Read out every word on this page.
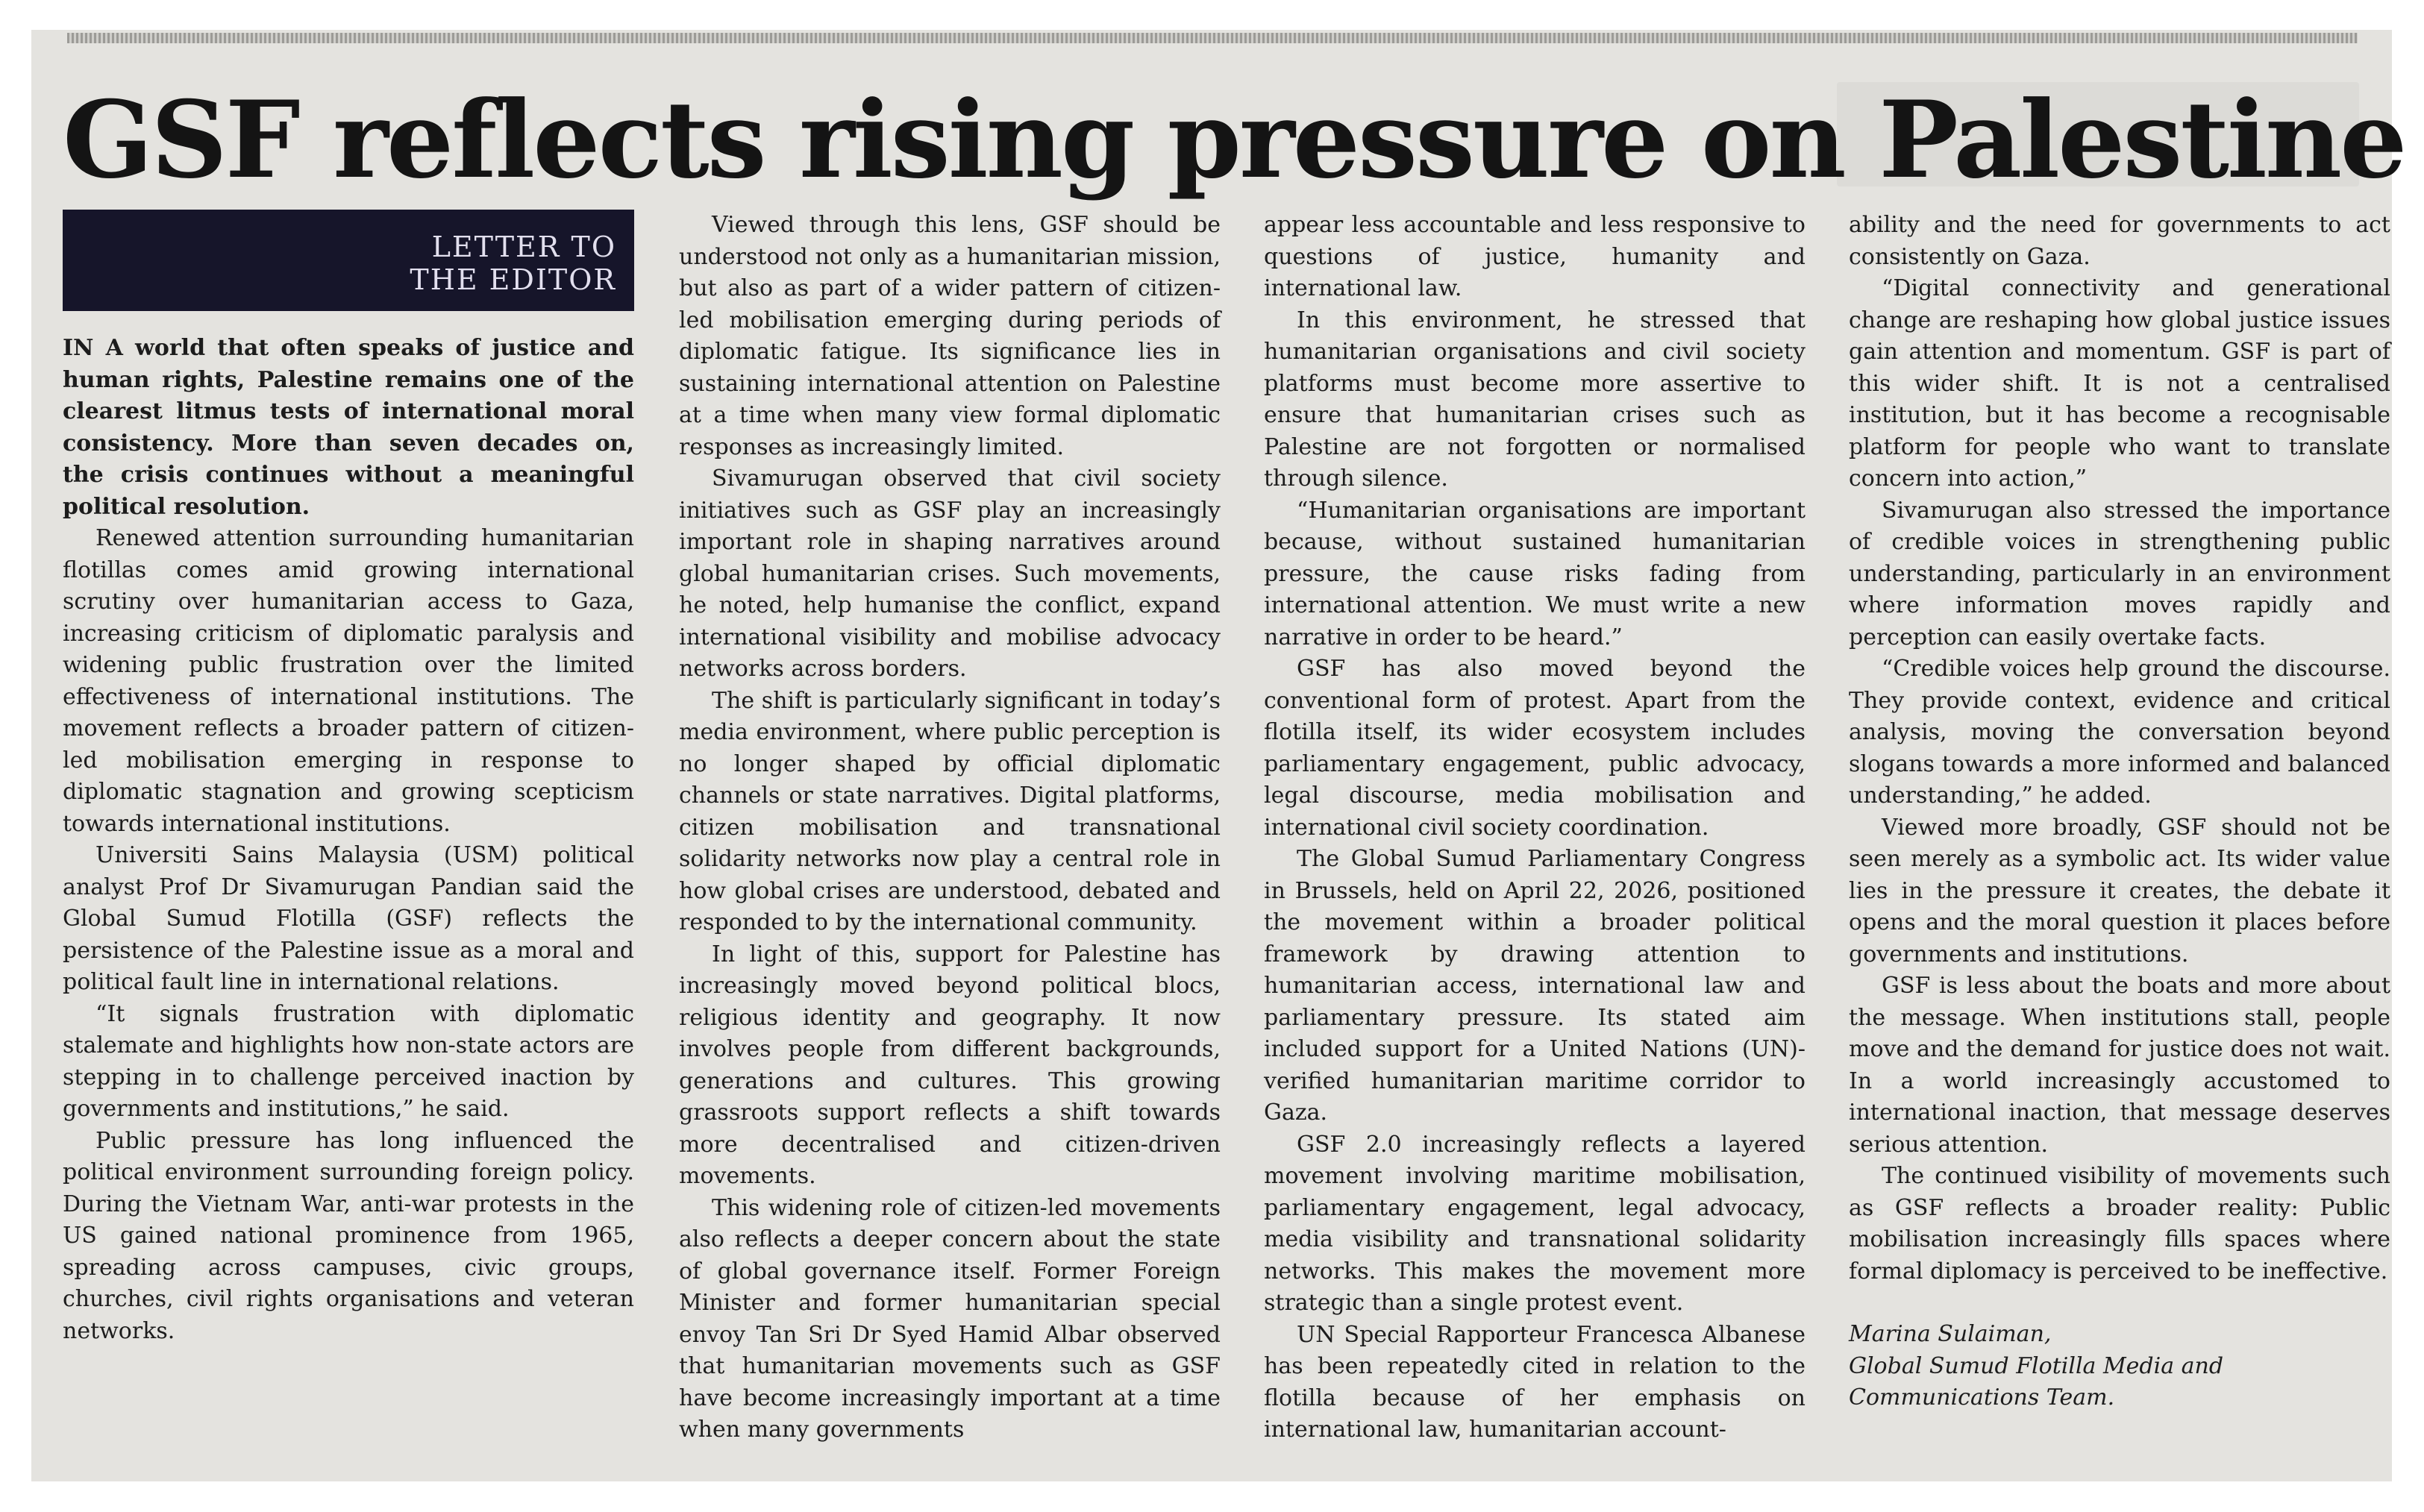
GSF reflects rising pressure on Palestine
LETTER TO
THE EDITOR

IN A world that often speaks of justice and human rights, Palestine remains one of the clearest litmus tests of international moral consistency. More than seven decades on, the crisis continues without a meaningful political resolution.

Renewed attention surrounding humanitarian flotillas comes amid growing international scrutiny over humanitarian access to Gaza, increasing criticism of diplomatic paralysis and widening public frustration over the limited effectiveness of international institutions. The movement reflects a broader pattern of citizen-led mobilisation emerging in response to diplomatic stagnation and growing scepticism towards international institutions.

Universiti Sains Malaysia (USM) political analyst Prof Dr Sivamurugan Pandian said the Global Sumud Flotilla (GSF) reflects the persistence of the Palestine issue as a moral and political fault line in international relations.

“It signals frustration with diplomatic stalemate and highlights how non-state actors are stepping in to challenge perceived inaction by governments and institutions,” he said.

Public pressure has long influenced the political environment surrounding foreign policy. During the Vietnam War, anti-war protests in the US gained national prominence from 1965, spreading across campuses, civic groups, churches, civil rights organisations and veteran networks.

Viewed through this lens, GSF should be understood not only as a humanitarian mission, but also as part of a wider pattern of citizen-led mobilisation emerging during periods of diplomatic fatigue. Its significance lies in sustaining international attention on Palestine at a time when many view formal diplomatic responses as increasingly limited.

Sivamurugan observed that civil society initiatives such as GSF play an increasingly important role in shaping narratives around global humanitarian crises. Such movements, he noted, help humanise the conflict, expand international visibility and mobilise advocacy networks across borders.

The shift is particularly significant in today’s media environment, where public perception is no longer shaped by official diplomatic channels or state narratives. Digital platforms, citizen mobilisation and transnational solidarity networks now play a central role in how global crises are understood, debated and responded to by the international community.

In light of this, support for Palestine has increasingly moved beyond political blocs, religious identity and geography. It now involves people from different backgrounds, generations and cultures. This growing grassroots support reflects a shift towards more decentralised and citizen-driven movements.

This widening role of citizen-led movements also reflects a deeper concern about the state of global governance itself. Former Foreign Minister and former humanitarian special envoy Tan Sri Dr Syed Hamid Albar observed that humanitarian movements such as GSF have become increasingly important at a time when many governments

appear less accountable and less responsive to questions of justice, humanity and international law.

In this environment, he stressed that humanitarian organisations and civil society platforms must become more assertive to ensure that humanitarian crises such as Palestine are not forgotten or normalised through silence.

“Humanitarian organisations are important because, without sustained humanitarian pressure, the cause risks fading from international attention. We must write a new narrative in order to be heard.”

GSF has also moved beyond the conventional form of protest. Apart from the flotilla itself, its wider ecosystem includes parliamentary engagement, public advocacy, legal discourse, media mobilisation and international civil society coordination.

The Global Sumud Parliamentary Congress in Brussels, held on April 22, 2026, positioned the movement within a broader political framework by drawing attention to humanitarian access, international law and parliamentary pressure. Its stated aim included support for a United Nations (UN)-verified humanitarian maritime corridor to Gaza.

GSF 2.0 increasingly reflects a layered movement involving maritime mobilisation, parliamentary engagement, legal advocacy, media visibility and transnational solidarity networks. This makes the movement more strategic than a single protest event.

UN Special Rapporteur Francesca Albanese has been repeatedly cited in relation to the flotilla because of her emphasis on international law, humanitarian account-

ability and the need for governments to act consistently on Gaza.

“Digital connectivity and generational change are reshaping how global justice issues gain attention and momentum. GSF is part of this wider shift. It is not a centralised institution, but it has become a recognisable platform for people who want to translate concern into action,”

Sivamurugan also stressed the importance of credible voices in strengthening public understanding, particularly in an environment where information moves rapidly and perception can easily overtake facts.

“Credible voices help ground the discourse. They provide context, evidence and critical analysis, moving the conversation beyond slogans towards a more informed and balanced understanding,” he added.

Viewed more broadly, GSF should not be seen merely as a symbolic act. Its wider value lies in the pressure it creates, the debate it opens and the moral question it places before governments and institutions.

GSF is less about the boats and more about the message. When institutions stall, people move and the demand for justice does not wait. In a world increasingly accustomed to international inaction, that message deserves serious attention.

The continued visibility of movements such as GSF reflects a broader reality: Public mobilisation increasingly fills spaces where formal diplomacy is perceived to be ineffective.

Marina Sulaiman,

Global Sumud Flotilla Media and Communications Team.
